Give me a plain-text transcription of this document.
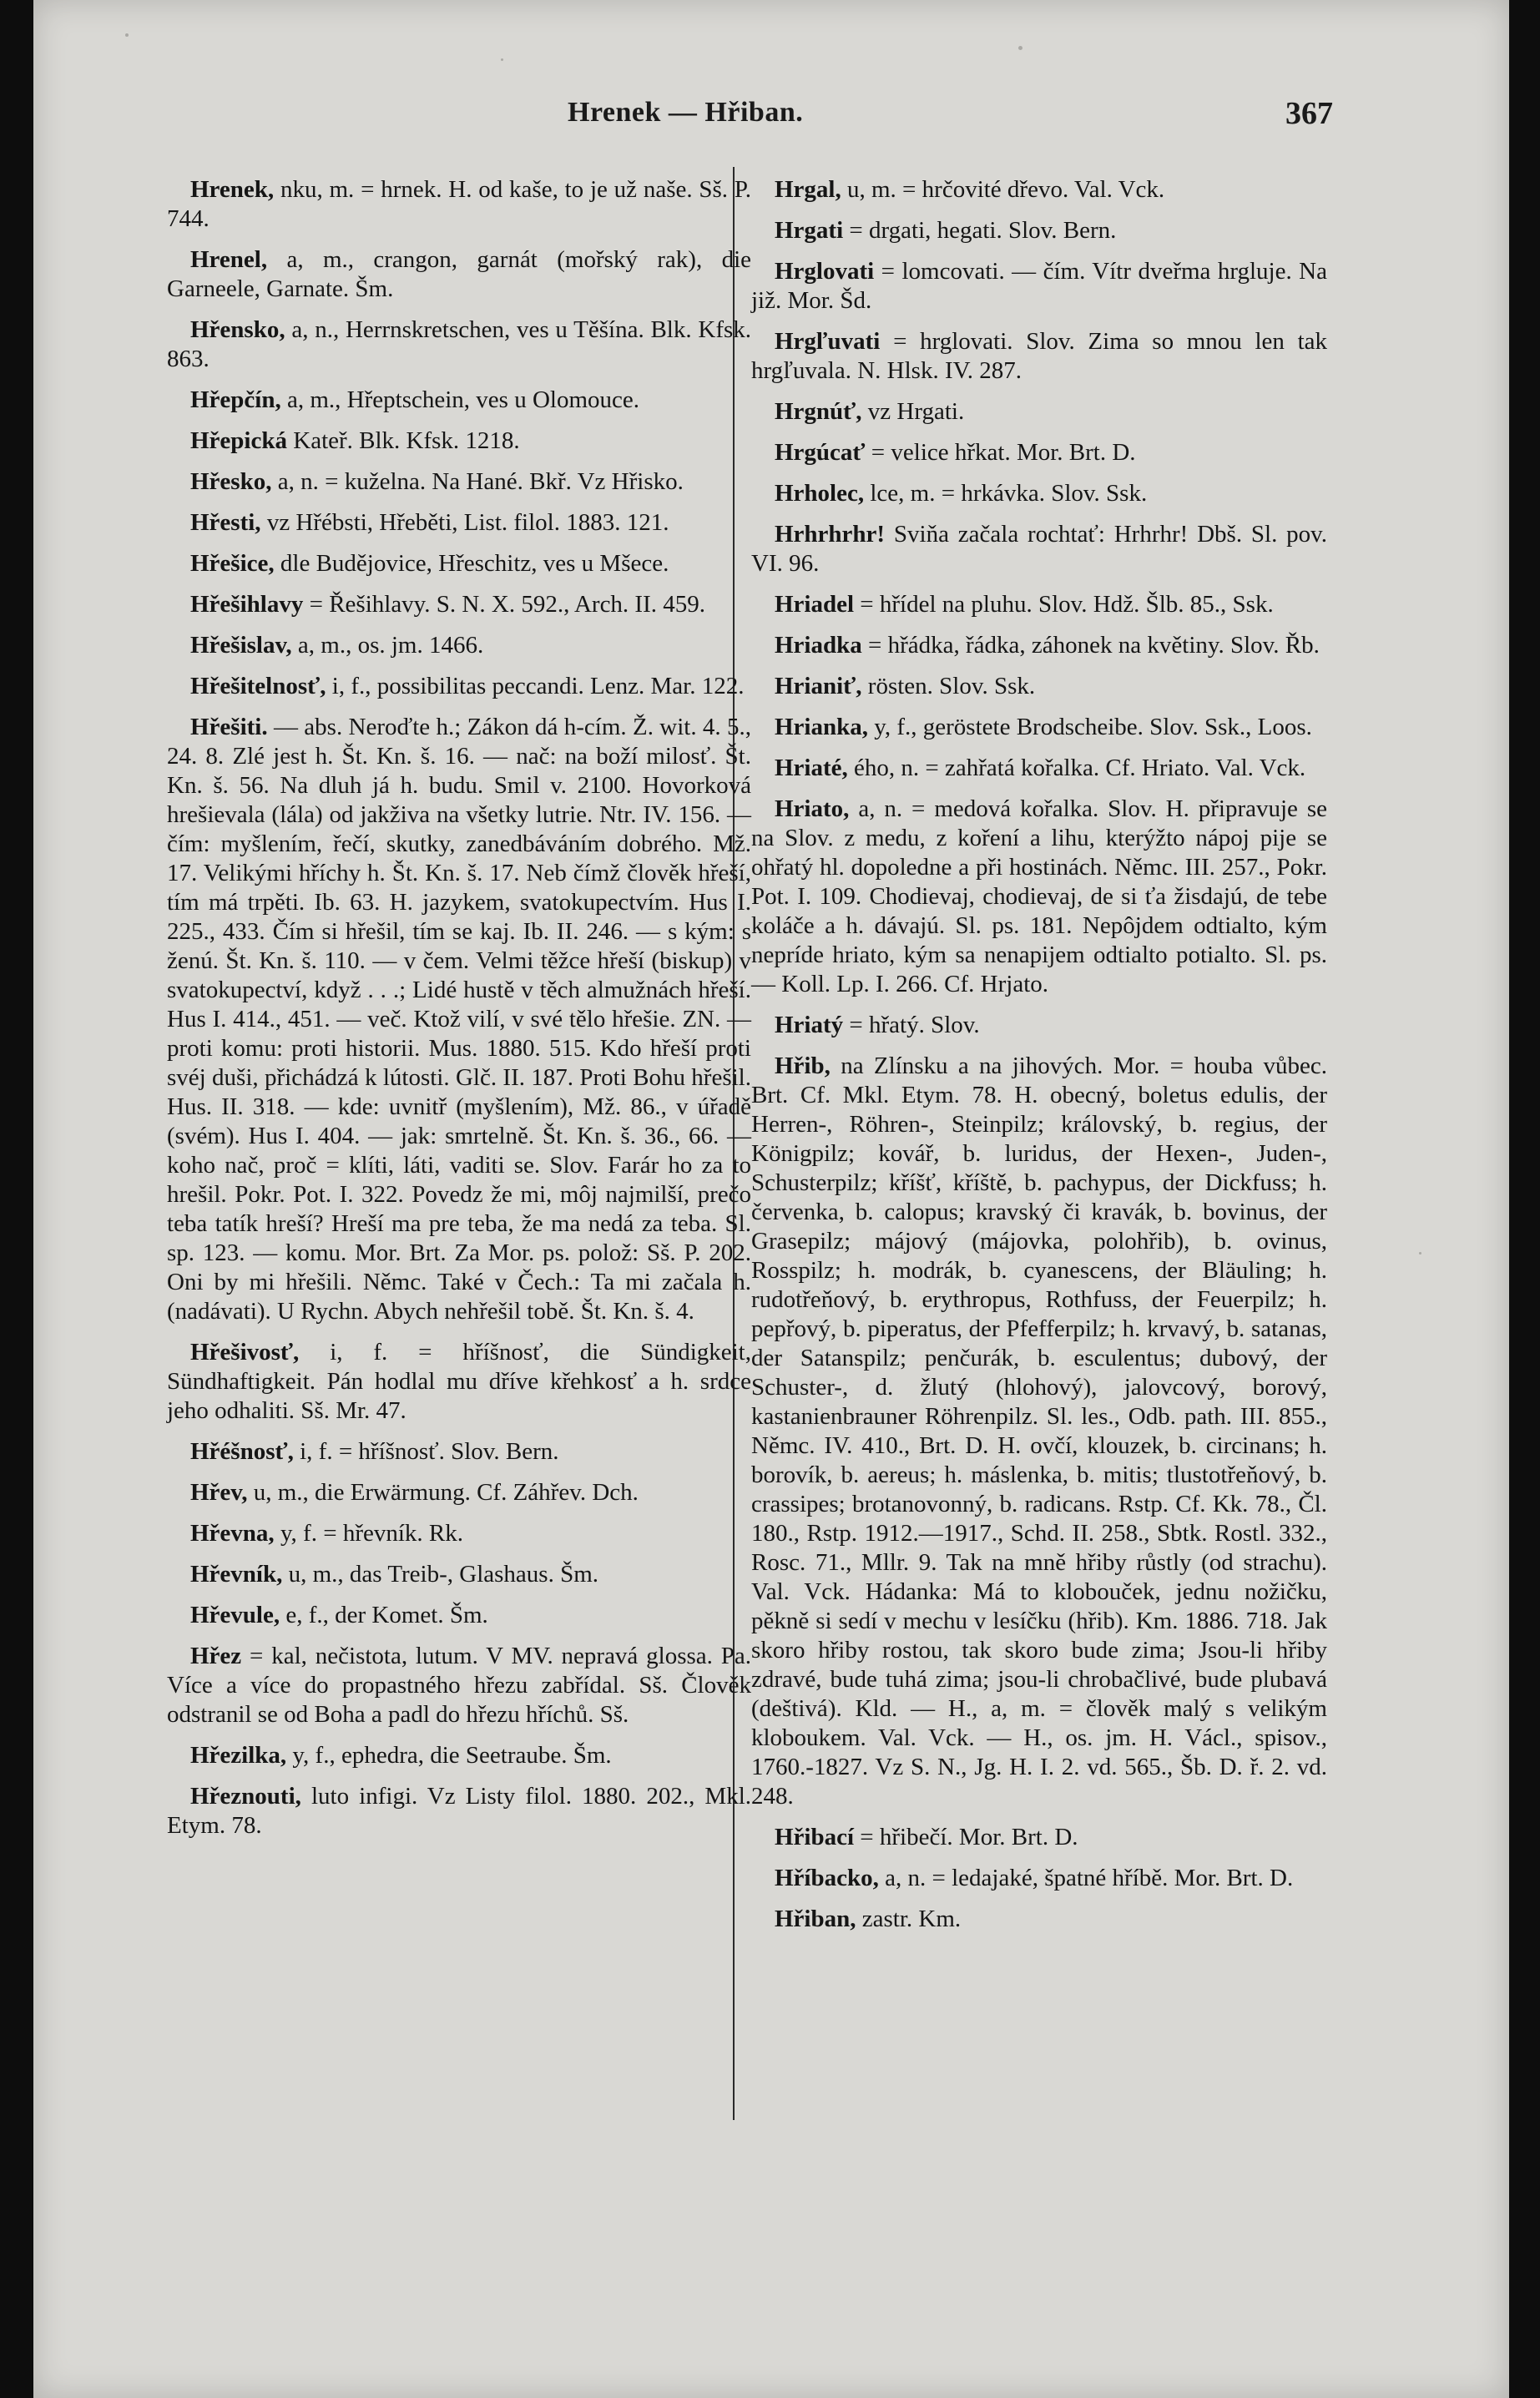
Hrenek — Hřiban.	367

Hrenek, nku, m. = hrnek. H. od kaše, to je už naše. Sš. P. 744.

Hrenel, a, m., crangon, garnát (mořský rak), die Garneele, Garnate. Šm.

Hřensko, a, n., Herrnskretschen, ves u Těšína. Blk. Kfsk. 863.

Hřepčín, a, m., Hřeptschein, ves u Olomouce.

Hřepická Kateř. Blk. Kfsk. 1218.

Hřesko, a, n. = kuželna. Na Hané. Bkř. Vz Hřisko.

Hřesti, vz Hřébsti, Hřeběti, List. filol. 1883. 121.

Hřešice, dle Budějovice, Hřeschitz, ves u Mšece.

Hřešihlavy = Řešihlavy. S. N. X. 592., Arch. II. 459.

Hřešislav, a, m., os. jm. 1466.

Hřešitelnosť, i, f., possibilitas peccandi. Lenz. Mar. 122.

Hřešiti. — abs. Neroďte h.; Zákon dá h-cím. Ž. wit. 4. 5., 24. 8. Zlé jest h. Št. Kn. š. 16. — nač: na boží milosť. Št. Kn. š. 56. Na dluh já h. budu. Smil v. 2100. Hovorková hrešievala (lála) od jakživa na všetky lutrie. Ntr. IV. 156. — čím: myšlením, řečí, skutky, zanedbáváním dobrého. Mž. 17. Velikými hříchy h. Št. Kn. š. 17. Neb čímž člověk hřeší, tím má trpěti. Ib. 63. H. jazykem, svatokupectvím. Hus I. 225., 433. Čím si hřešil, tím se kaj. Ib. II. 246. — s kým: s ženú. Št. Kn. š. 110. — v čem. Velmi těžce hřeší (biskup) v svatokupectví, když . . .; Lidé hustě v těch almužnách hřeší. Hus I. 414., 451. — več. Ktož vilí, v své tělo hřešie. ZN. — proti komu: proti historii. Mus. 1880. 515. Kdo hřeší proti svéj duši, přichádzá k lútosti. Glč. II. 187. Proti Bohu hřešil. Hus. II. 318. — kde: uvnitř (myšlením), Mž. 86., v úřadě (svém). Hus I. 404. — jak: smrtelně. Št. Kn. š. 36., 66. — koho nač, proč = klíti, láti, vaditi se. Slov. Farár ho za to hrešil. Pokr. Pot. I. 322. Povedz že mi, môj najmilší, prečo teba tatík hreší? Hreší ma pre teba, že ma nedá za teba. Sl. sp. 123. — komu. Mor. Brt. Za Mor. ps. polož: Sš. P. 202. Oni by mi hřešili. Němc. Také v Čech.: Ta mi začala h. (nadávati). U Rychn. Abych nehřešil tobě. Št. Kn. š. 4.

Hřešivosť, i, f. = hříšnosť, die Sündigkeit, Sündhaftigkeit. Pán hodlal mu dříve křehkosť a h. srdce jeho odhaliti. Sš. Mr. 47.

Hřéšnosť, i, f. = hříšnosť. Slov. Bern.

Hřev, u, m., die Erwärmung. Cf. Záhřev. Dch.

Hřevna, y, f. = hřevník. Rk.

Hřevník, u, m., das Treib-, Glashaus. Šm.

Hřevule, e, f., der Komet. Šm.

Hřez = kal, nečistota, lutum. V MV. nepravá glossa. Pa. Více a více do propastného hřezu zabřídal. Sš. Člověk odstranil se od Boha a padl do hřezu hříchů. Sš.

Hřezilka, y, f., ephedra, die Seetraube. Šm.

Hřeznouti, luto infigi. Vz Listy filol. 1880. 202., Mkl. Etym. 78.

Hrgal, u, m. = hrčovité dřevo. Val. Vck.

Hrgati = drgati, hegati. Slov. Bern.

Hrglovati = lomcovati. — čím. Vítr dveřma hrgluje. Na již. Mor. Šd.

Hrgľuvati = hrglovati. Slov. Zima so mnou len tak hrgľuvala. N. Hlsk. IV. 287.

Hrgnúť, vz Hrgati.

Hrgúcať = velice hřkat. Mor. Brt. D.

Hrholec, lce, m. = hrkávka. Slov. Ssk.

Hrhrhrhr! Sviňa začala rochtať: Hrhrhr! Dbš. Sl. pov. VI. 96.

Hriadel = hřídel na pluhu. Slov. Hdž. Šlb. 85., Ssk.

Hriadka = hřádka, řádka, záhonek na květiny. Slov. Řb.

Hrianiť, rösten. Slov. Ssk.

Hrianka, y, f., geröstete Brodscheibe. Slov. Ssk., Loos.

Hriaté, ého, n. = zahřatá kořalka. Cf. Hriato. Val. Vck.

Hriato, a, n. = medová kořalka. Slov. H. připravuje se na Slov. z medu, z koření a lihu, kterýžto nápoj pije se ohřatý hl. dopoledne a při hostinách. Němc. III. 257., Pokr. Pot. I. 109. Chodievaj, chodievaj, de si ťa žisdajú, de tebe koláče a h. dávajú. Sl. ps. 181. Nepôjdem odtialto, kým nepríde hriato, kým sa nenapijem odtialto potialto. Sl. ps. — Koll. Lp. I. 266. Cf. Hrjato.

Hriatý = hřatý. Slov.

Hřib, na Zlínsku a na jihových. Mor. = houba vůbec. Brt. Cf. Mkl. Etym. 78. H. obecný, boletus edulis, der Herren-, Röhren-, Steinpilz; královský, b. regius, der Königpilz; kovář, b. luridus, der Hexen-, Juden-, Schusterpilz; kříšť, kříště, b. pachypus, der Dickfuss; h. červenka, b. calopus; kravský či kravák, b. bovinus, der Grasepilz; májový (májovka, polohřib), b. ovinus, Rosspilz; h. modrák, b. cyanescens, der Bläuling; h. rudotřeňový, b. erythropus, Rothfuss, der Feuerpilz; h. pepřový, b. piperatus, der Pfefferpilz; h. krvavý, b. satanas, der Satanspilz; penčurák, b. esculentus; dubový, der Schuster-, d. žlutý (hlohový), jalovcový, borový, kastanienbrauner Röhrenpilz. Sl. les., Odb. path. III. 855., Němc. IV. 410., Brt. D. H. ovčí, klouzek, b. circinans; h. borovík, b. aereus; h. máslenka, b. mitis; tlustotřeňový, b. crassipes; brotanovonný, b. radicans. Rstp. Cf. Kk. 78., Čl. 180., Rstp. 1912.—1917., Schd. II. 258., Sbtk. Rostl. 332., Rosc. 71., Mllr. 9. Tak na mně hřiby růstly (od strachu). Val. Vck. Hádanka: Má to klobouček, jednu nožičku, pěkně si sedí v mechu v lesíčku (hřib). Km. 1886. 718. Jak skoro hřiby rostou, tak skoro bude zima; Jsou-li hřiby zdravé, bude tuhá zima; jsou-li chrobačlivé, bude plubavá (deštivá). Kld. — H., a, m. = člověk malý s velikým kloboukem. Val. Vck. — H., os. jm. H. Václ., spisov., 1760.-1827. Vz S. N., Jg. H. I. 2. vd. 565., Šb. D. ř. 2. vd. 248.

Hřibací = hřibečí. Mor. Brt. D.

Hříbacko, a, n. = ledajaké, špatné hříbě. Mor. Brt. D.

Hřiban, zastr. Km.
